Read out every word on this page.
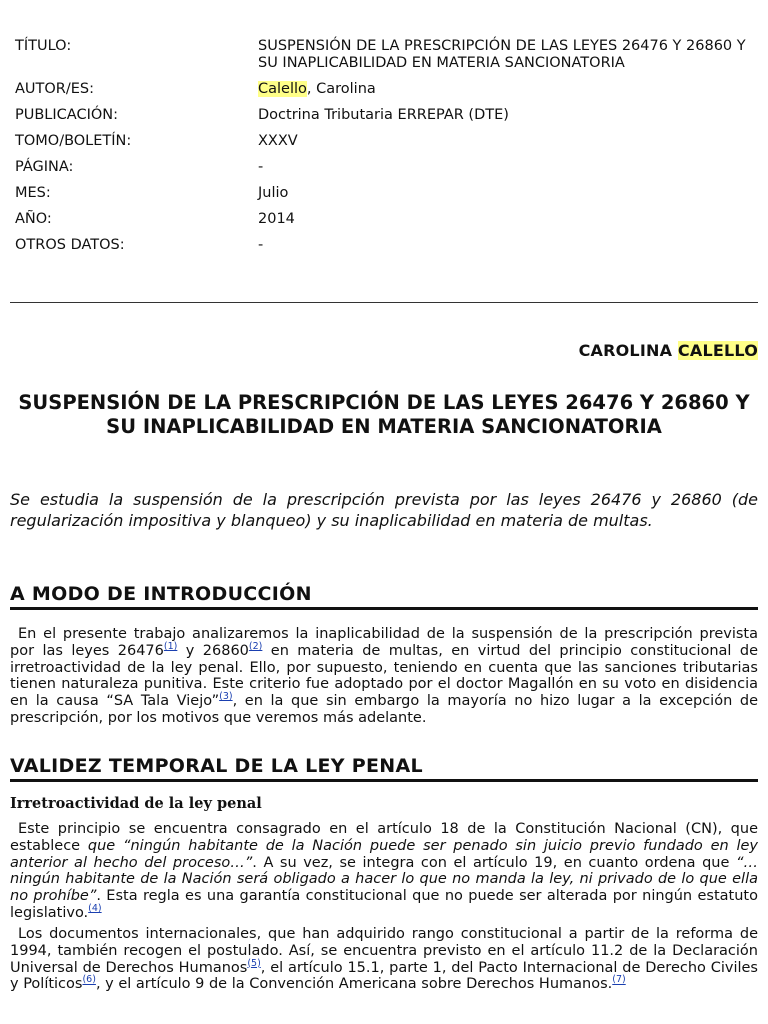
TÍTULO:	SUSPENSIÓN DE LA PRESCRIPCIÓN DE LAS LEYES 26476 Y 26860 Y SU INAPLICABILIDAD EN MATERIA SANCIONATORIA
AUTOR/ES:	Calello, Carolina
PUBLICACIÓN:	Doctrina Tributaria ERREPAR (DTE)
TOMO/BOLETÍN:	XXXV
PÁGINA:	-
MES:	Julio
AÑO:	2014
OTROS DATOS:	-
CAROLINA CALELLO
SUSPENSIÓN DE LA PRESCRIPCIÓN DE LAS LEYES 26476 Y 26860 Y SU INAPLICABILIDAD EN MATERIA SANCIONATORIA
Se estudia la suspensión de la prescripción prevista por las leyes 26476 y 26860 (de regularización impositiva y blanqueo) y su inaplicabilidad en materia de multas.
A MODO DE INTRODUCCIÓN
En el presente trabajo analizaremos la inaplicabilidad de la suspensión de la prescripción prevista por las leyes 26476$^{(1)}$ y 26860$^{(2)}$ en materia de multas, en virtud del principio constitucional de irretroactividad de la ley penal. Ello, por supuesto, teniendo en cuenta que las sanciones tributarias tienen naturaleza punitiva. Este criterio fue adoptado por el doctor Magallón en su voto en disidencia en la causa “SA Tala Viejo”$^{(3)}$, en la que sin embargo la mayoría no hizo lugar a la excepción de prescripción, por los motivos que veremos más adelante.
VALIDEZ TEMPORAL DE LA LEY PENAL
Irretroactividad de la ley penal
Este principio se encuentra consagrado en el artículo 18 de la Constitución Nacional (CN), que establece que “ningún habitante de la Nación puede ser penado sin juicio previo fundado en ley anterior al hecho del proceso…”. A su vez, se integra con el artículo 19, en cuanto ordena que “…ningún habitante de la Nación será obligado a hacer lo que no manda la ley, ni privado de lo que ella no prohíbe”. Esta regla es una garantía constitucional que no puede ser alterada por ningún estatuto legislativo.$^{(4)}$
Los documentos internacionales, que han adquirido rango constitucional a partir de la reforma de 1994, también recogen el postulado. Así, se encuentra previsto en el artículo 11.2 de la Declaración Universal de Derechos Humanos$^{(5)}$, el artículo 15.1, parte 1, del Pacto Internacional de Derecho Civiles y Políticos$^{(6)}$, y el artículo 9 de la Convención Americana sobre Derechos Humanos.$^{(7)}$
